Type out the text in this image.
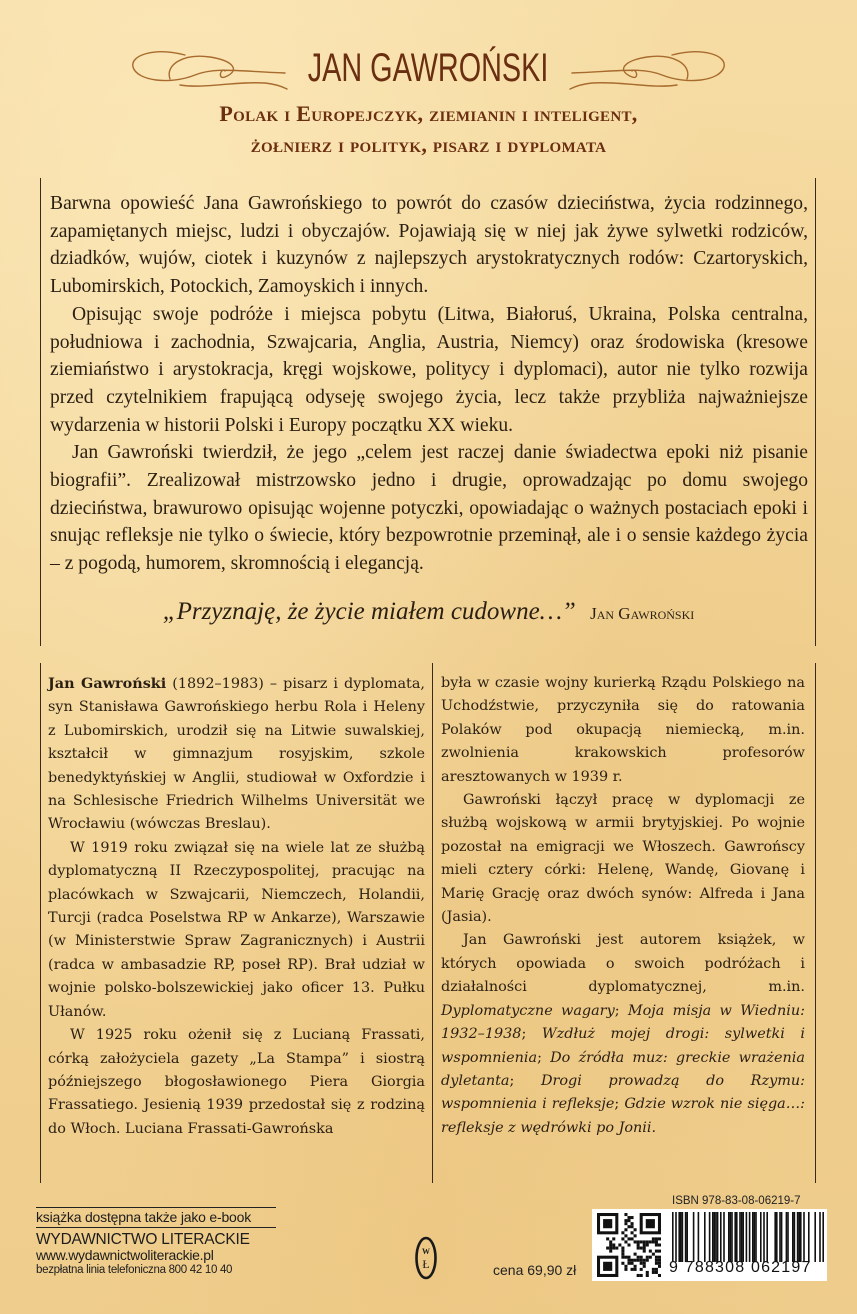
JAN GAWROŃSKI
Polak i Europejczyk, ziemianin i inteligent,
żołnierz i polityk, pisarz i dyplomata

Barwna opowieść Jana Gawrońskiego to powrót do czasów dzieciństwa, życia rodzinnego, zapamiętanych miejsc, ludzi i obyczajów. Pojawiają się w niej jak żywe sylwetki rodziców, dziadków, wujów, ciotek i kuzynów z najlepszych arystokratycznych rodów: Czartoryskich, Lubomirskich, Potockich, Zamoyskich i innych.

Opisując swoje podróże i miejsca pobytu (Litwa, Białoruś, Ukraina, Polska centralna, południowa i zachodnia, Szwajcaria, Anglia, Austria, Niemcy) oraz środowiska (kresowe ziemiaństwo i arystokracja, kręgi wojskowe, politycy i dyplomaci), autor nie tylko rozwija przed czytelnikiem frapującą odyseję swojego życia, lecz także przybliża najważniejsze wydarzenia w historii Polski i Europy początku XX wieku.

Jan Gawroński twierdził, że jego „celem jest raczej danie świadectwa epoki niż pisanie biografii”. Zrealizował mistrzowsko jedno i drugie, oprowadzając po domu swojego dzieciństwa, brawurowo opisując wojenne potyczki, opowiadając o ważnych postaciach epoki i snując refleksje nie tylko o świecie, który bezpowrotnie przeminął, ale i o sensie każdego życia – z pogodą, humorem, skromnością i elegancją.

„Przyznaję, że życie miałem cudowne…” Jan Gawroński

Jan Gawroński (1892–1983) – pisarz i dyplomata, syn Stanisława Gawrońskiego herbu Rola i Heleny z Lubomirskich, urodził się na Litwie suwalskiej, kształcił w gimnazjum rosyjskim, szkole benedyktyńskiej w Anglii, studiował w Oxfordzie i na Schlesische Friedrich Wilhelms Universität we Wrocławiu (wówczas Breslau).

W 1919 roku związał się na wiele lat ze służbą dyplomatyczną II Rzeczypospolitej, pracując na placówkach w Szwajcarii, Niemczech, Holandii, Turcji (radca Poselstwa RP w Ankarze), Warszawie (w Ministerstwie Spraw Zagranicznych) i Austrii (radca w ambasadzie RP, poseł RP). Brał udział w wojnie polsko-bolszewickiej jako oficer 13. Pułku Ułanów.

W 1925 roku ożenił się z Lucianą Frassati, córką założyciela gazety „La Stampa” i siostrą późniejszego błogosławionego Piera Giorgia Frassatiego. Jesienią 1939 przedostał się z rodziną do Włoch. Luciana Frassati-Gawrońska

była w czasie wojny kurierką Rządu Polskiego na Uchodźstwie, przyczyniła się do ratowania Polaków pod okupacją niemiecką, m.in. zwolnienia krakowskich profesorów aresztowanych w 1939 r.

Gawroński łączył pracę w dyplomacji ze służbą wojskową w armii brytyjskiej. Po wojnie pozostał na emigracji we Włoszech. Gawrońscy mieli cztery córki: Helenę, Wandę, Giovanę i Marię Grację oraz dwóch synów: Alfreda i Jana (Jasia).

Jan Gawroński jest autorem książek, w których opowiada o swoich podróżach i działalności dyplomatycznej, m.in. Dyplomatyczne wagary; Moja misja w Wiedniu: 1932–1938; Wzdłuż mojej drogi: sylwetki i wspomnienia; Do źródła muz: greckie wrażenia dyletanta; Drogi prowadzą do Rzymu: wspomnienia i refleksje; Gdzie wzrok nie sięga…: refleksje z wędrówki po Jonii.

książka dostępna także jako e-book
WYDAWNICTWO LITERACKIE
www.wydawnictwoliterackie.pl
bezpłatna linia telefoniczna 800 42 10 40
W
Ł	cena 69,90 zł
ISBN 978-83-08-06219-7
9 788308 062197
